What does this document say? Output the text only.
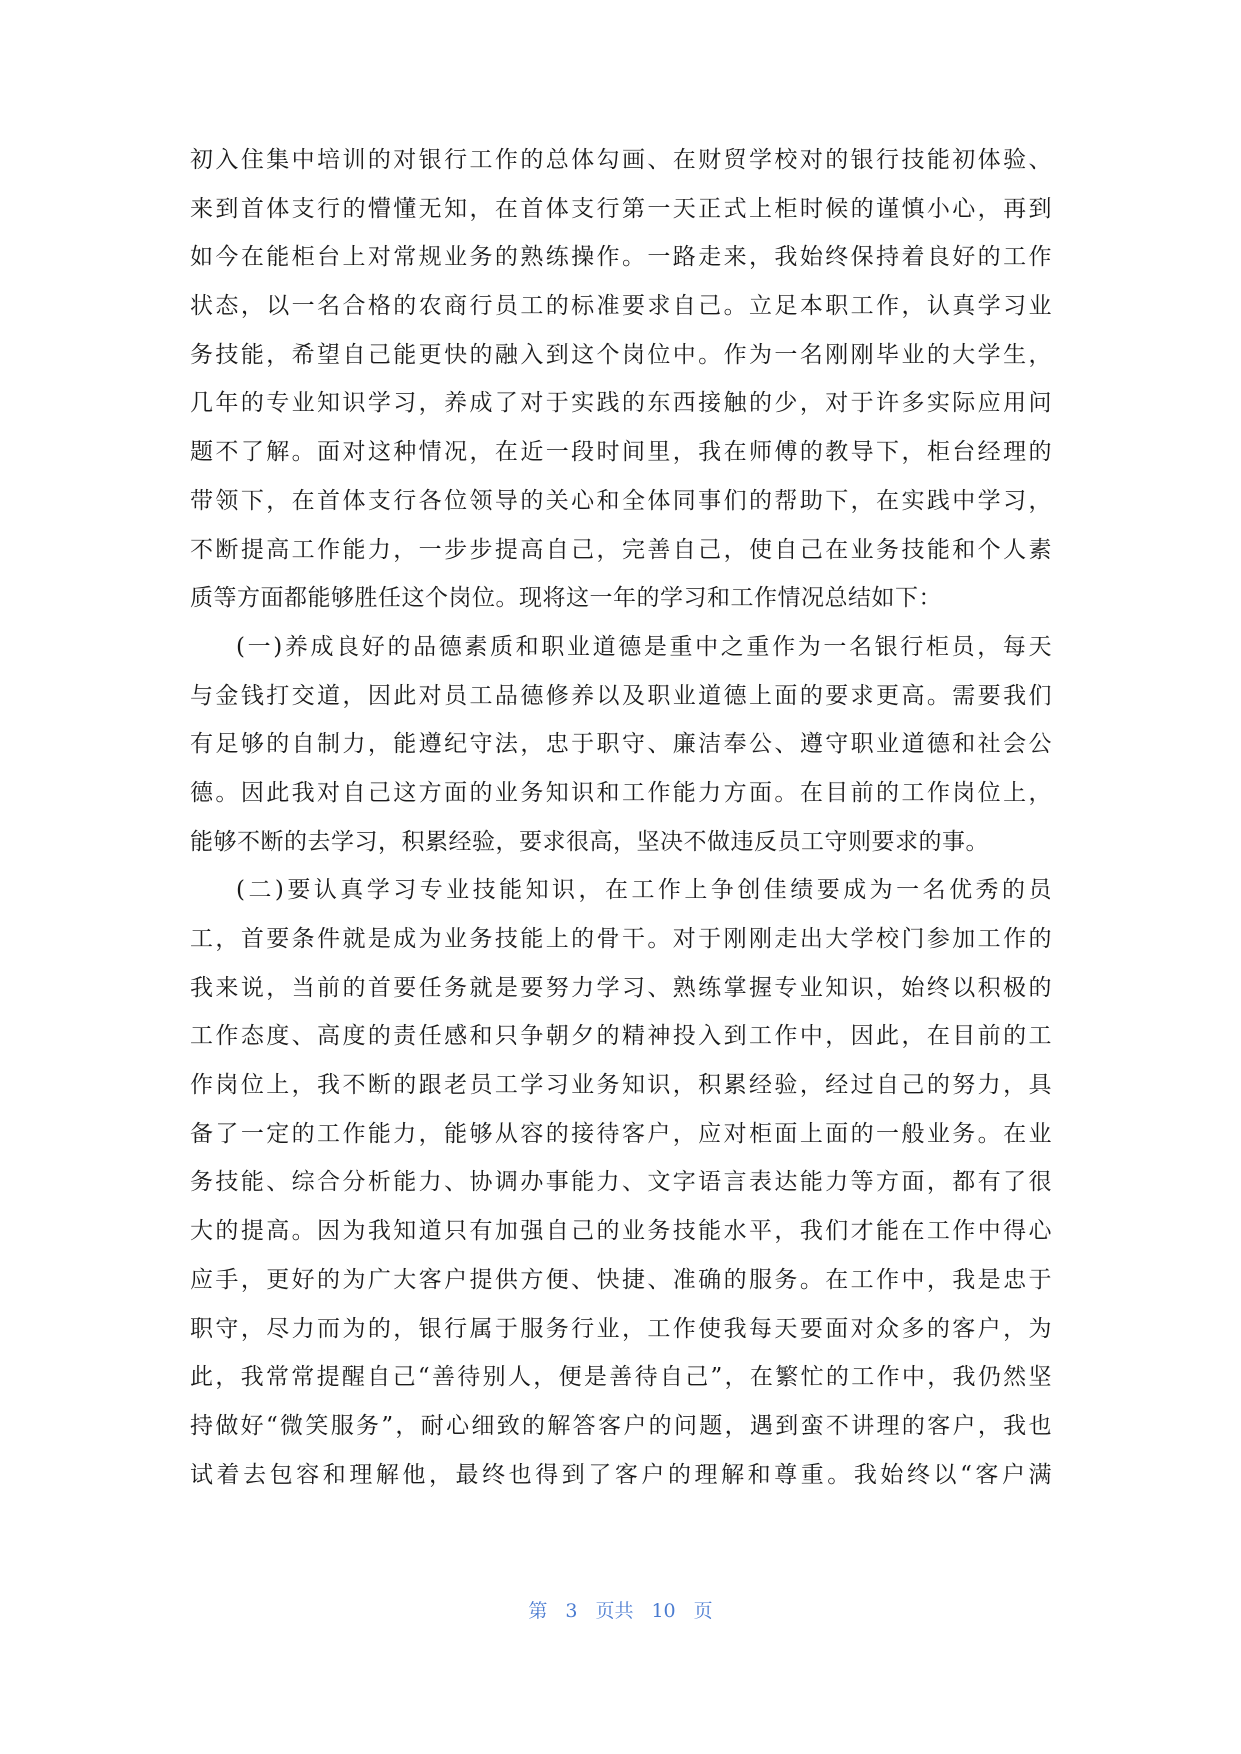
初入住集中培训的对银行工作的总体勾画、在财贸学校对的银行技能初体验、
来到首体支行的懵懂无知，在首体支行第一天正式上柜时候的谨慎小心，再到
如今在能柜台上对常规业务的熟练操作。一路走来，我始终保持着良好的工作
状态，以一名合格的农商行员工的标准要求自己。立足本职工作，认真学习业
务技能，希望自己能更快的融入到这个岗位中。作为一名刚刚毕业的大学生，
几年的专业知识学习，养成了对于实践的东西接触的少，对于许多实际应用问
题不了解。面对这种情况，在近一段时间里，我在师傅的教导下，柜台经理的
带领下，在首体支行各位领导的关心和全体同事们的帮助下，在实践中学习，
不断提高工作能力，一步步提高自己，完善自己，使自己在业务技能和个人素
质等方面都能够胜任这个岗位。现将这一年的学习和工作情况总结如下：
(一)养成良好的品德素质和职业道德是重中之重作为一名银行柜员，每天
与金钱打交道，因此对员工品德修养以及职业道德上面的要求更高。需要我们
有足够的自制力，能遵纪守法，忠于职守、廉洁奉公、遵守职业道德和社会公
德。因此我对自己这方面的业务知识和工作能力方面。在目前的工作岗位上，
能够不断的去学习，积累经验，要求很高，坚决不做违反员工守则要求的事。
(二)要认真学习专业技能知识，在工作上争创佳绩要成为一名优秀的员
工，首要条件就是成为业务技能上的骨干。对于刚刚走出大学校门参加工作的
我来说，当前的首要任务就是要努力学习、熟练掌握专业知识，始终以积极的
工作态度、高度的责任感和只争朝夕的精神投入到工作中，因此，在目前的工
作岗位上，我不断的跟老员工学习业务知识，积累经验，经过自己的努力，具
备了一定的工作能力，能够从容的接待客户，应对柜面上面的一般业务。在业
务技能、综合分析能力、协调办事能力、文字语言表达能力等方面，都有了很
大的提高。因为我知道只有加强自己的业务技能水平，我们才能在工作中得心
应手，更好的为广大客户提供方便、快捷、准确的服务。在工作中，我是忠于
职守，尽力而为的，银行属于服务行业，工作使我每天要面对众多的客户，为
此，我常常提醒自己“善待别人，便是善待自己”，在繁忙的工作中，我仍然坚
持做好“微笑服务”，耐心细致的解答客户的问题，遇到蛮不讲理的客户，我也
试着去包容和理解他，最终也得到了客户的理解和尊重。我始终以“客户满
第 3 页共 10 页
